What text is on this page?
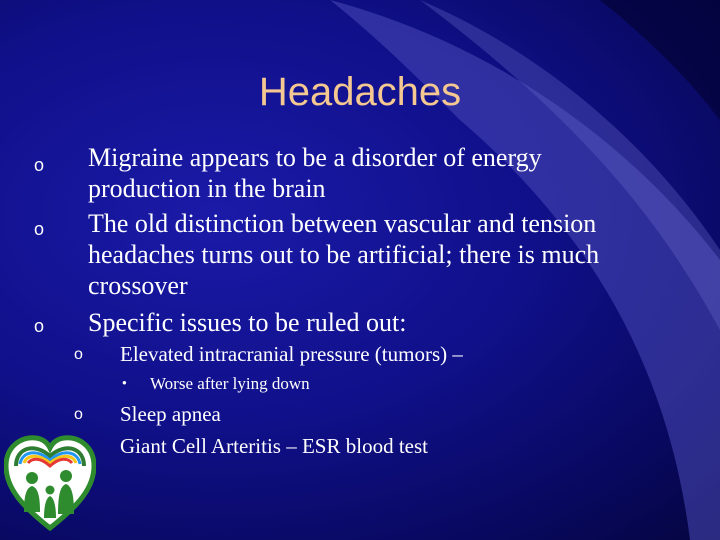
Headaches
o Migraine appears to be a disorder of energy
production in the brain
o The old distinction between vascular and tension
headaches turns out to be artificial; there is much
crossover
o Specific issues to be ruled out:
o Elevated intracranial pressure (tumors) –
● Worse after lying down
o Sleep apnea
Giant Cell Arteritis – ESR blood test
